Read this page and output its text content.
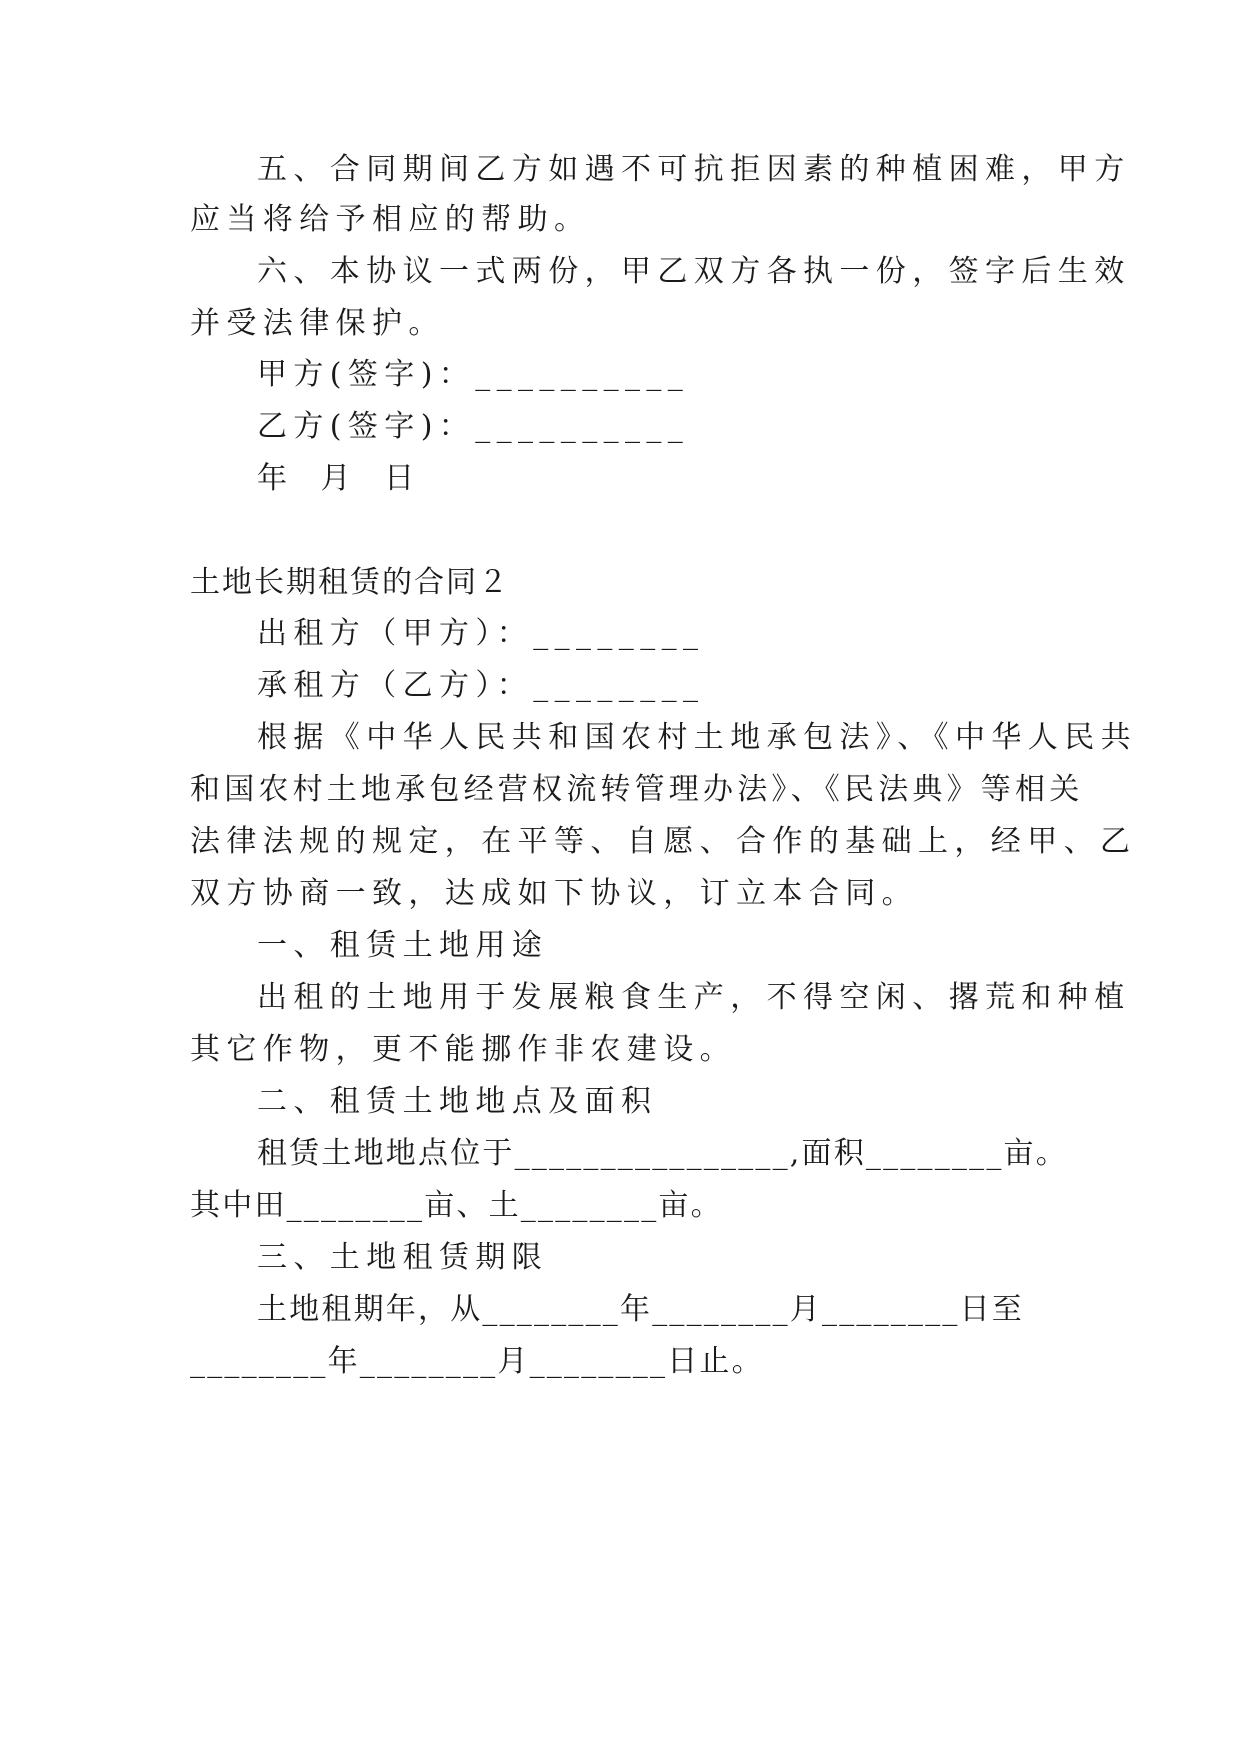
五、合同期间乙方如遇不可抗拒因素的种植困难，甲方
应当将给予相应的帮助。
六、本协议一式两份，甲乙双方各执一份，签字后生效
并受法律保护。
甲方(签字)：__________
乙方(签字)：__________
年 月 日
土地长期租赁的合同２
出租方（甲方）：________
承租方（乙方）：________
根据《中华人民共和国农村土地承包法》、《中华人民共
和国农村土地承包经营权流转管理办法》、《民法典》等相关
法律法规的规定，在平等、自愿、合作的基础上，经甲、乙
双方协商一致，达成如下协议，订立本合同。
一、租赁土地用途
出租的土地用于发展粮食生产，不得空闲、撂荒和种植
其它作物，更不能挪作非农建设。
二、租赁土地地点及面积
租赁土地地点位于________________,面积________亩。
其中田________亩、土________亩。
三、土地租赁期限
土地租期年，从________年________月________日至
________年________月________日止。
